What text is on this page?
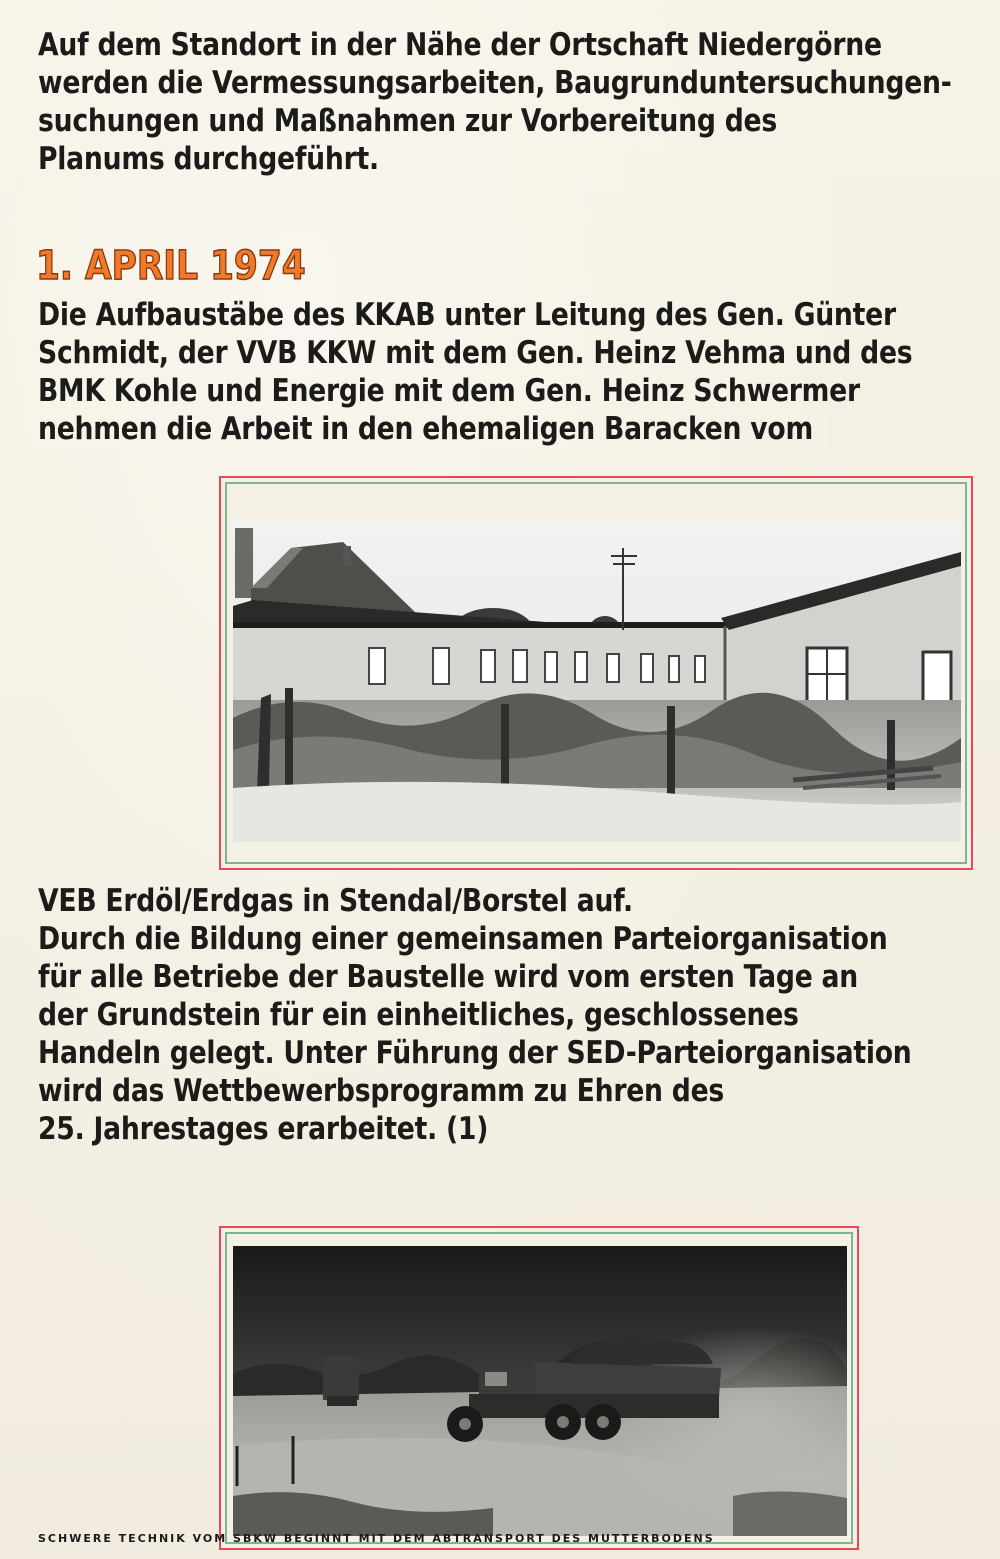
Auf dem Standort in der Nähe der Ortschaft Niedergörne
werden die Vermessungsarbeiten, Baugrunduntersuchungen-
suchungen und Maßnahmen zur Vorbereitung des
Planums durchgeführt.
1. APRIL 1974
Die Aufbaustäbe des KKAB unter Leitung des Gen. Günter
Schmidt, der VVB KKW mit dem Gen. Heinz Vehma und des
BMK Kohle und Energie mit dem Gen. Heinz Schwermer
nehmen die Arbeit in den ehemaligen Baracken vom
VEB Erdöl/Erdgas in Stendal/Borstel auf.
Durch die Bildung einer gemeinsamen Parteiorganisation
für alle Betriebe der Baustelle wird vom ersten Tage an
der Grundstein für ein einheitliches, geschlossenes
Handeln gelegt. Unter Führung der SED-Parteiorganisation
wird das Wettbewerbsprogramm zu Ehren des
25. Jahrestages erarbeitet. (1)
SCHWERE TECHNIK VOM SBKW BEGINNT MIT DEM ABTRANSPORT DES MUTTERBODENS
